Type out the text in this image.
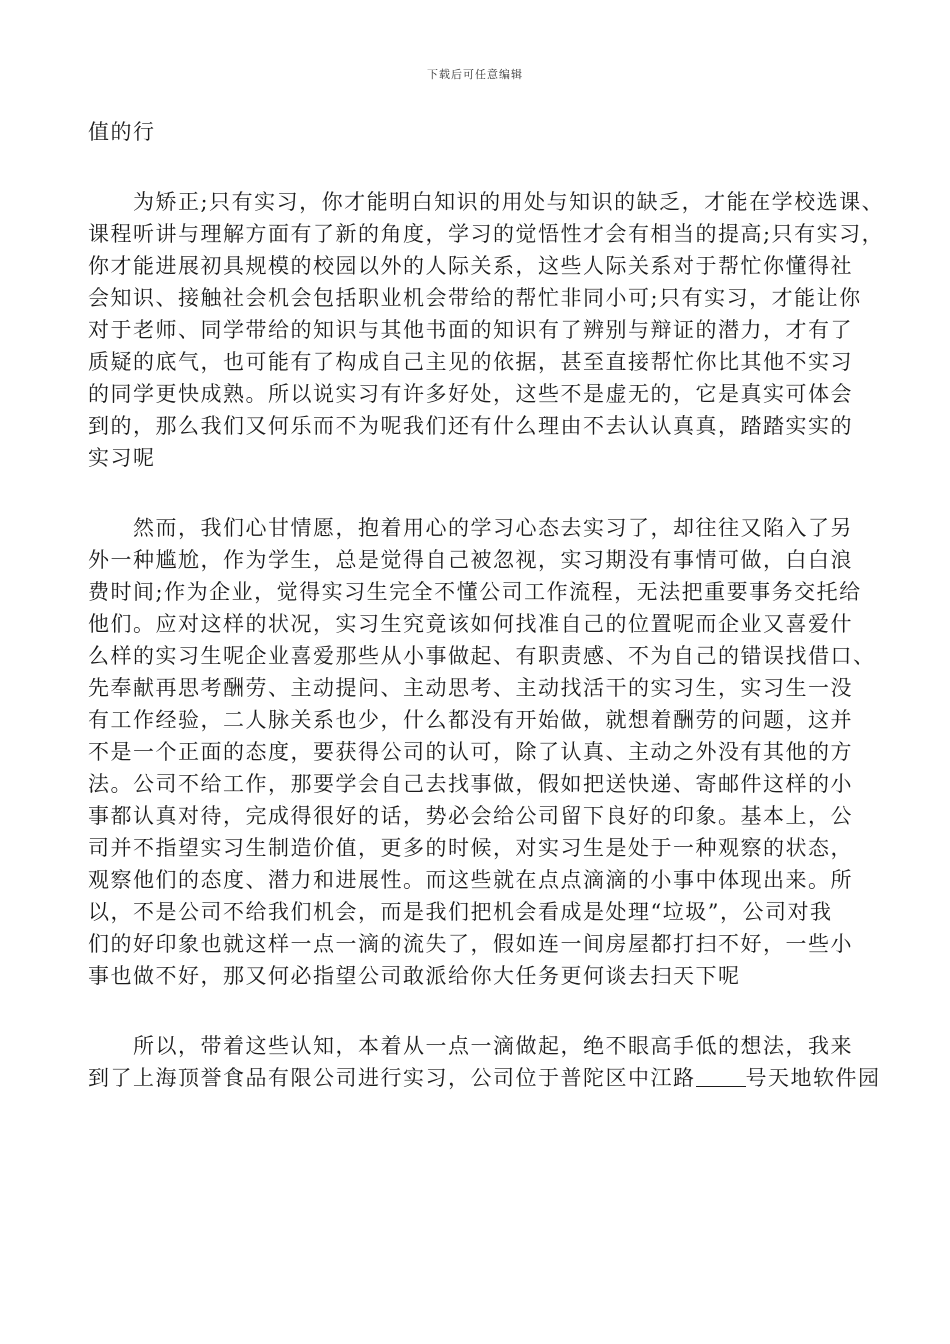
下载后可任意编辑
值的行
　　为矫正;只有实习，你才能明白知识的用处与知识的缺乏，才能在学校选课、
课程听讲与理解方面有了新的角度，学习的觉悟性才会有相当的提高;只有实习，
你才能进展初具规模的校园以外的人际关系，这些人际关系对于帮忙你懂得社
会知识、接触社会机会包括职业机会带给的帮忙非同小可;只有实习，才能让你
对于老师、同学带给的知识与其他书面的知识有了辨别与辩证的潜力，才有了
质疑的底气，也可能有了构成自己主见的依据，甚至直接帮忙你比其他不实习
的同学更快成熟。所以说实习有许多好处，这些不是虚无的，它是真实可体会
到的，那么我们又何乐而不为呢我们还有什么理由不去认认真真，踏踏实实的
实习呢
　　然而，我们心甘情愿，抱着用心的学习心态去实习了，却往往又陷入了另
外一种尴尬，作为学生，总是觉得自己被忽视，实习期没有事情可做，白白浪
费时间;作为企业，觉得实习生完全不懂公司工作流程，无法把重要事务交托给
他们。应对这样的状况，实习生究竟该如何找准自己的位置呢而企业又喜爱什
么样的实习生呢企业喜爱那些从小事做起、有职责感、不为自己的错误找借口、
先奉献再思考酬劳、主动提问、主动思考、主动找活干的实习生，实习生一没
有工作经验，二人脉关系也少，什么都没有开始做，就想着酬劳的问题，这并
不是一个正面的态度，要获得公司的认可，除了认真、主动之外没有其他的方
法。公司不给工作，那要学会自己去找事做，假如把送快递、寄邮件这样的小
事都认真对待，完成得很好的话，势必会给公司留下良好的印象。基本上，公
司并不指望实习生制造价值，更多的时候，对实习生是处于一种观察的状态，
观察他们的态度、潜力和进展性。而这些就在点点滴滴的小事中体现出来。所
以，不是公司不给我们机会，而是我们把机会看成是处理“垃圾”，公司对我
们的好印象也就这样一点一滴的流失了，假如连一间房屋都打扫不好，一些小
事也做不好，那又何必指望公司敢派给你大任务更何谈去扫天下呢
　　所以，带着这些认知，本着从一点一滴做起，绝不眼高手低的想法，我来
到了上海顶誉食品有限公司进行实习，公司位于普陀区中江路 号天地软件园
